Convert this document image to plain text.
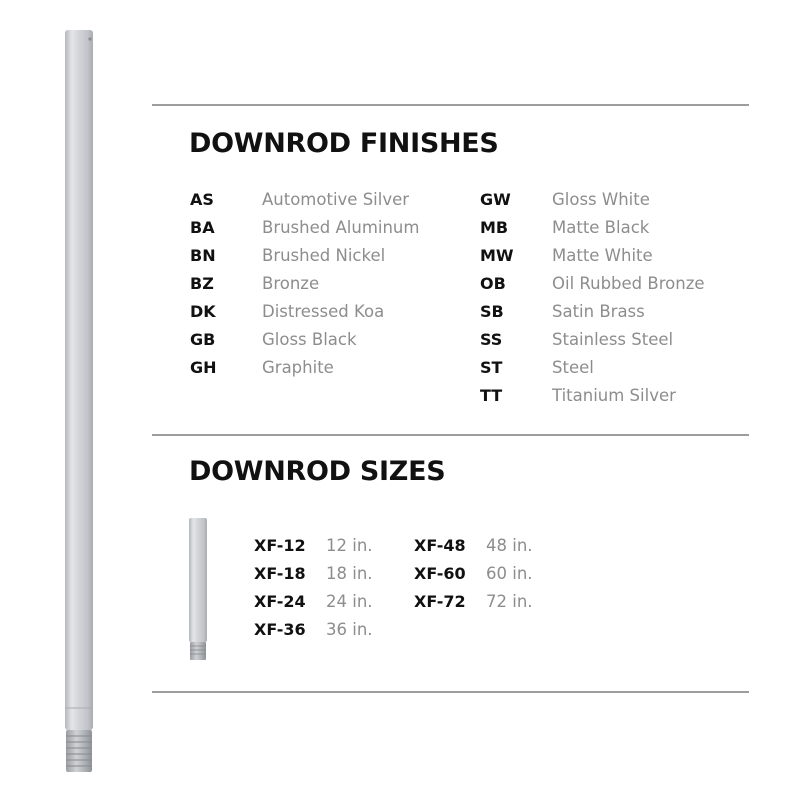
DOWNROD FINISHES
AS	Automotive Silver
BA	Brushed Aluminum
BN	Brushed Nickel
BZ	Bronze
DK	Distressed Koa
GB	Gloss Black
GH	Graphite
GW Gloss White
MB	Matte Black
MW Matte White
OB	Oil Rubbed Bronze
SB	Satin Brass
SS	Stainless Steel
ST	Steel
TT	Titanium Silver
DOWNROD SIZES
XF-12 12 in.
XF-18 18 in.
XF-24 24 in.
XF-36 36 in.
XF-48 48 in.
XF-60 60 in.
XF-72 72 in.
